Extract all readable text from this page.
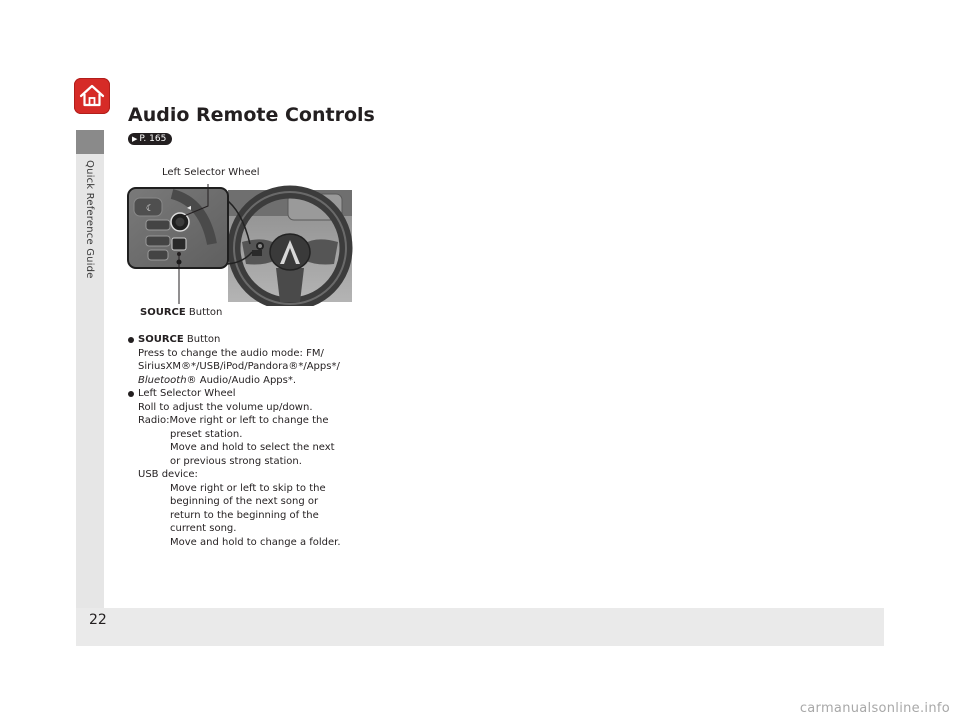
Quick Reference Guide
22
Audio Remote Controls
▶ P. 165
Left Selector Wheel
SOURCE Button
☾	◂
SOURCE Button
Press to change the audio mode: FM/
SiriusXM®*/USB/iPod/Pandora®*/Apps*/
Bluetooth® Audio/Audio Apps*.
Left Selector Wheel
Roll to adjust the volume up/down.
Radio:Move right or left to change the
preset station.
Move and hold to select the next
or previous strong station.
USB device:
Move right or left to skip to the
beginning of the next song or
return to the beginning of the
current song.
Move and hold to change a folder.
carmanualsonline.info
